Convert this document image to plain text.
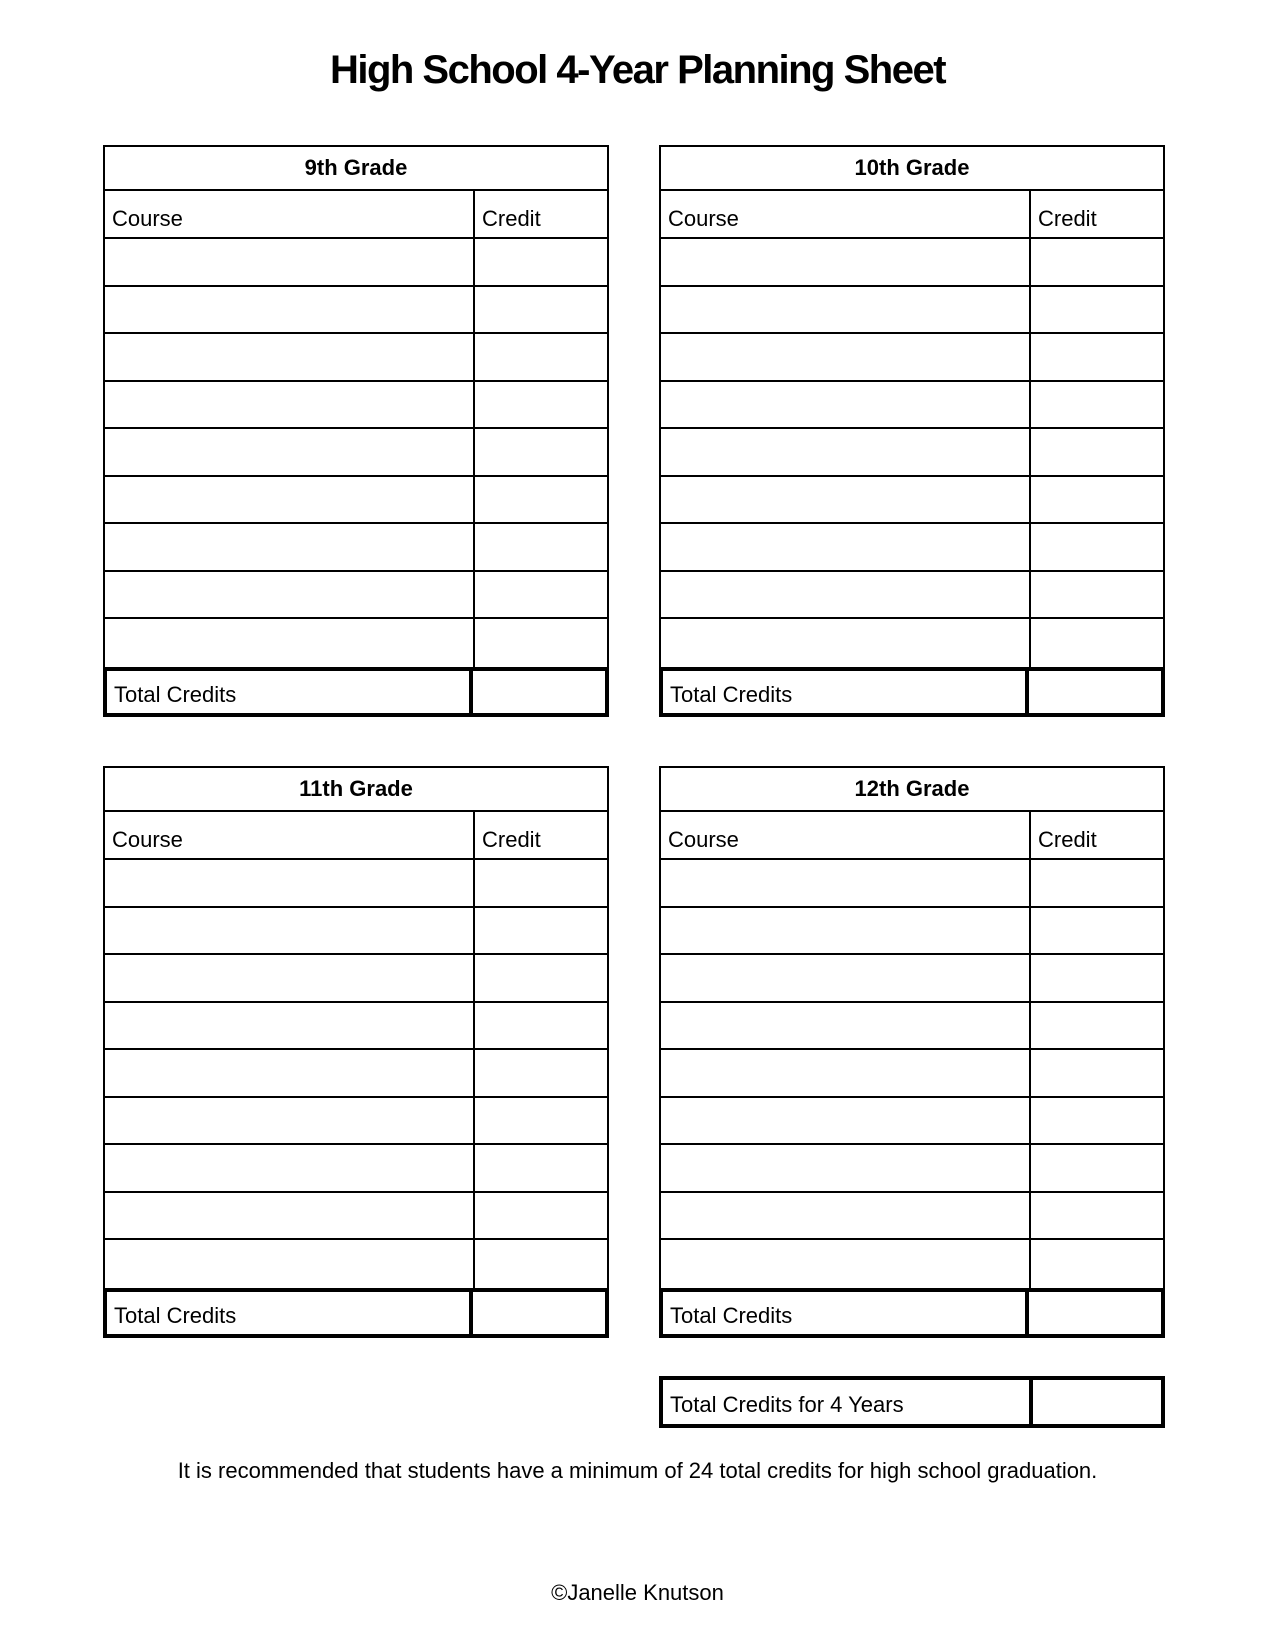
High School 4-Year Planning Sheet
9th Grade
Course	Credit
Total Credits
10th Grade
Course	Credit
Total Credits
11th Grade
Course	Credit
Total Credits
12th Grade
Course	Credit
Total Credits
Total Credits for 4 Years
It is recommended that students have a minimum of 24 total credits for high school graduation.
©Janelle Knutson
